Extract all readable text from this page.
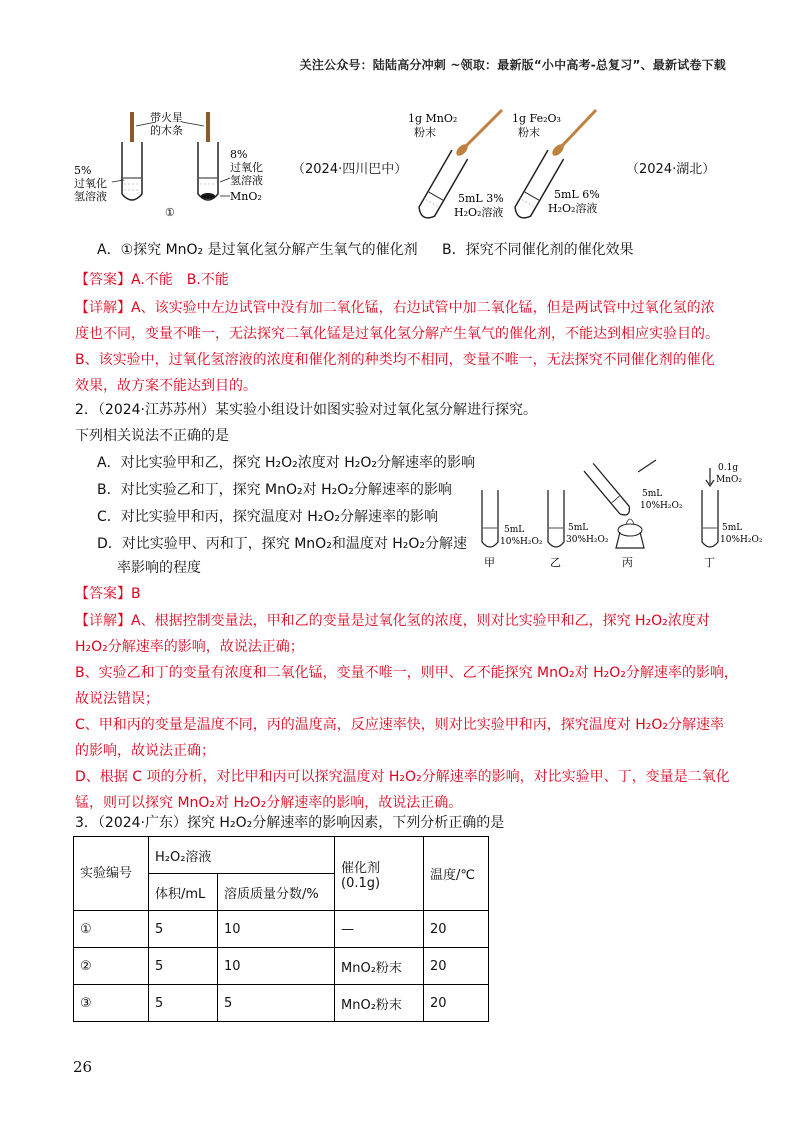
关注公众号：陆陆高分冲刺 ~领取：最新版“小中高考-总复习”、最新试卷下载
带火星
的木条
5%
过氧化
氢溶液
8%
过氧化
氢溶液
MnO₂
①
（2024·四川巴中）
1g MnO₂
粉末
5mL 3%
H₂O₂溶液
1g Fe₂O₃
粉末
5mL 6%
H₂O₂溶液
（2024·湖北）
A．①探究 MnO₂ 是过氧化氢分解产生氧气的催化剂 B．探究不同催化剂的催化效果
【答案】A.不能　B.不能
【详解】A、该实验中左边试管中没有加二氧化锰，右边试管中加二氧化锰，但是两试管中过氧化氢的浓
度也不同，变量不唯一，无法探究二氧化锰是过氧化氢分解产生氧气的催化剂，不能达到相应实验目的。
B、该实验中，过氧化氢溶液的浓度和催化剂的种类均不相同，变量不唯一，无法探究不同催化剂的催化
效果，故方案不能达到目的。
2．（2024·江苏苏州）某实验小组设计如图实验对过氧化氢分解进行探究。
下列相关说法不正确的是
A．对比实验甲和乙，探究 H₂O₂浓度对 H₂O₂分解速率的影响
B．对比实验乙和丁，探究 MnO₂对 H₂O₂分解速率的影响
C．对比实验甲和丙，探究温度对 H₂O₂分解速率的影响
D．对比实验甲、丙和丁，探究 MnO₂和温度对 H₂O₂分解速
率影响的程度
5mL
10%H₂O₂
5mL
30%H₂O₂
5mL
10%H₂O₂
0.1g
MnO₂
5mL
10%H₂O₂
甲	乙	丙	丁
【答案】B
【详解】A、根据控制变量法，甲和乙的变量是过氧化氢的浓度，则对比实验甲和乙，探究 H₂O₂浓度对
H₂O₂分解速率的影响，故说法正确；
B、实验乙和丁的变量有浓度和二氧化锰，变量不唯一，则甲、乙不能探究 MnO₂对 H₂O₂分解速率的影响，
故说法错误；
C、甲和丙的变量是温度不同，丙的温度高，反应速率快，则对比实验甲和丙，探究温度对 H₂O₂分解速率
的影响，故说法正确；
D、根据 C 项的分析，对比甲和丙可以探究温度对 H₂O₂分解速率的影响，对比实验甲、丁，变量是二氧化
锰，则可以探究 MnO₂对 H₂O₂分解速率的影响，故说法正确。
3．（2024·广东）探究 H₂O₂分解速率的影响因素，下列分析正确的是
实验编号	H₂O₂溶液		催化剂(0.1g)	温度/℃
	体积/mL	溶质质量分数/%		
①	5	10	—	20
②	5	10	MnO₂粉末	20
③	5	5	MnO₂粉末	20
26
